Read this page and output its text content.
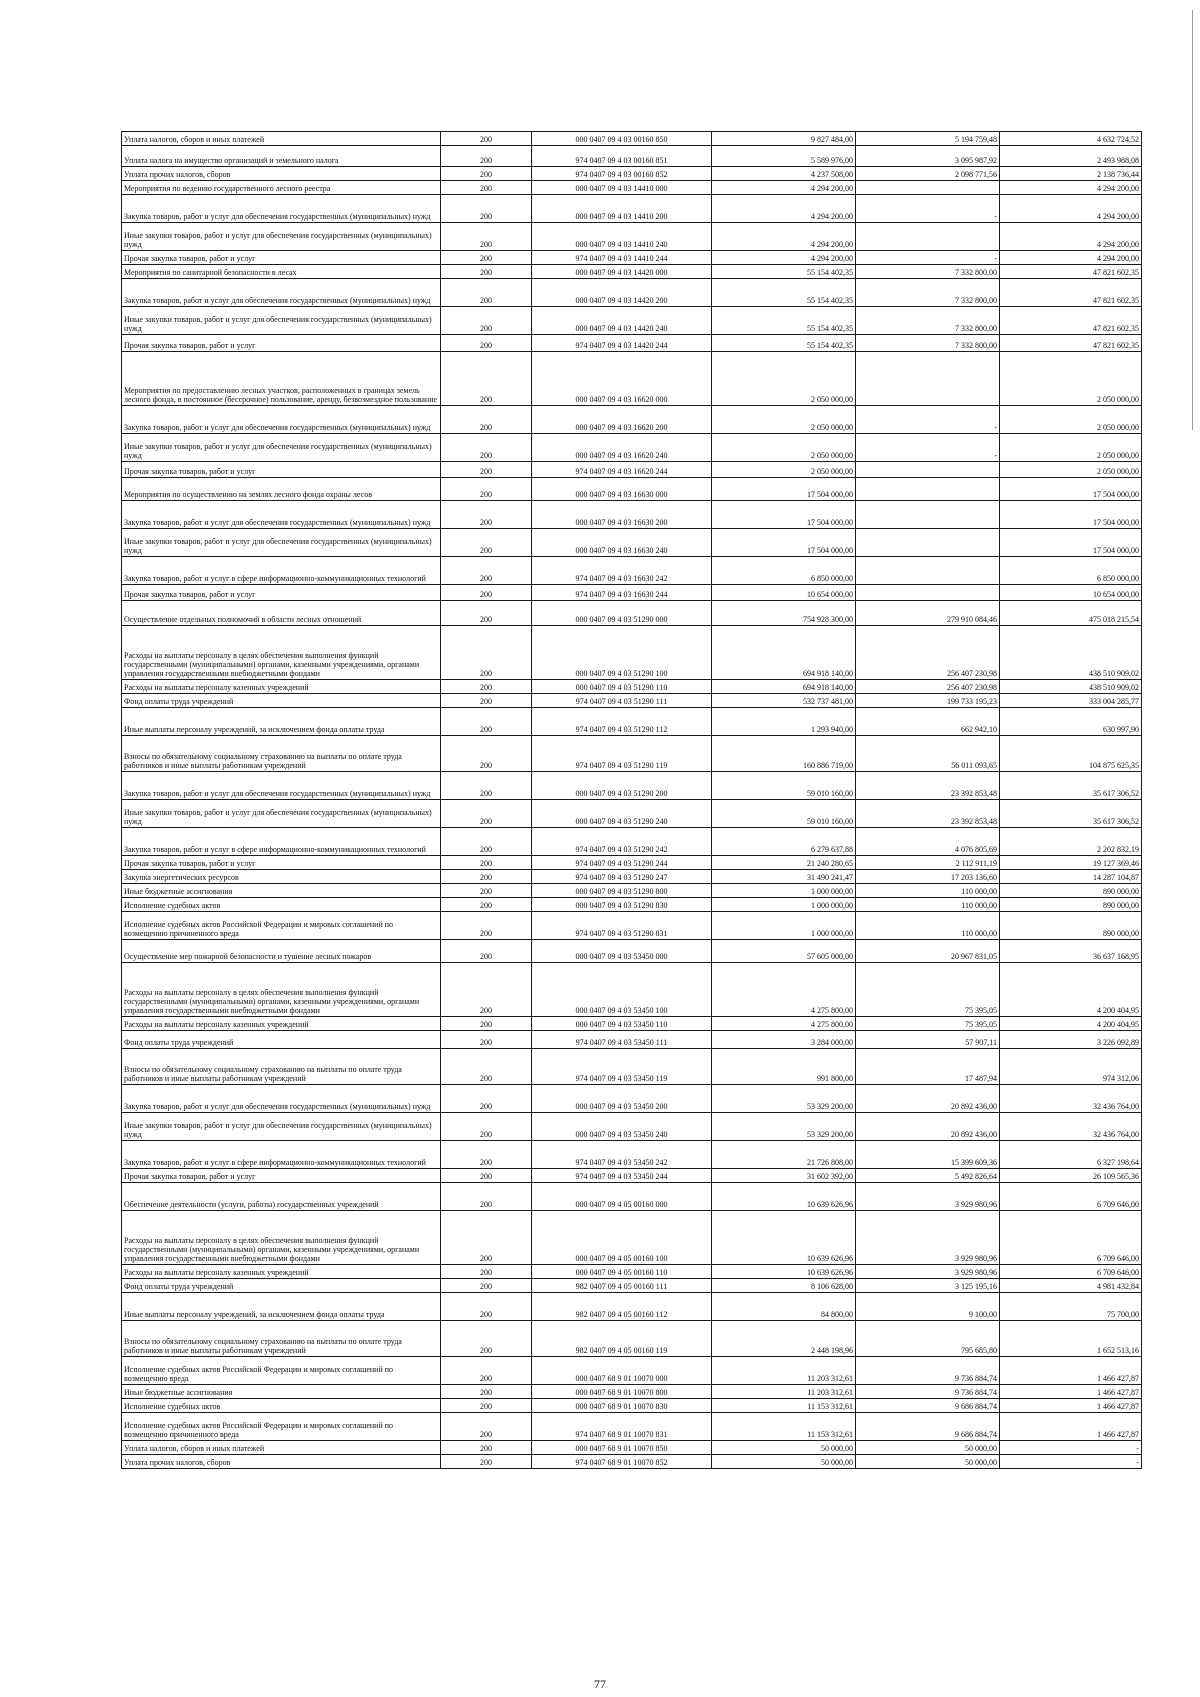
Уплата налогов, сборов и иных платежей	200	000 0407 09 4 03 00160 850	9 827 484,00	5 194 759,48	4 632 724,52
Уплата налога на имущество организаций и земельного налога	200	974 0407 09 4 03 00160 851	5 589 976,00	3 095 987,92	2 493 988,08
Уплата прочих налогов, сборов	200	974 0407 09 4 03 00160 852	4 237 508,00	2 098 771,56	2 138 736,44
Мероприятия по ведению государственного лесного реестра	200	000 0407 09 4 03 14410 000	4 294 200,00		4 294 200,00
Закупка товаров, работ и услуг для обеспечения государственных (муниципальных) нужд	200	000 0407 09 4 03 14410 200	4 294 200,00	-	4 294 200,00
Иные закупки товаров, работ и услуг для обеспечения государственных (муниципальных) нужд	200	000 0407 09 4 03 14410 240	4 294 200,00		4 294 200,00
Прочая закупка товаров, работ и услуг	200	974 0407 09 4 03 14410 244	4 294 200,00	-	4 294 200,00
Мероприятия по санитарной безопасности в лесах	200	000 0407 09 4 03 14420 000	55 154 402,35	7 332 800,00	47 821 602,35
Закупка товаров, работ и услуг для обеспечения государственных (муниципальных) нужд	200	000 0407 09 4 03 14420 200	55 154 402,35	7 332 800,00	47 821 602,35
Иные закупки товаров, работ и услуг для обеспечения государственных (муниципальных) нужд	200	000 0407 09 4 03 14420 240	55 154 402,35	7 332 800,00	47 821 602,35
Прочая закупка товаров, работ и услуг	200	974 0407 09 4 03 14420 244	55 154 402,35	7 332 800,00	47 821 602,35
Мероприятия по предоставлению лесных участков, расположенных в границах земель лесного фонда, в постоянное (бессрочное) пользование, аренду, безвозмездное пользование	200	000 0407 09 4 03 16620 000	2 050 000,00		2 050 000,00
Закупка товаров, работ и услуг для обеспечения государственных (муниципальных) нужд	200	000 0407 09 4 03 16620 200	2 050 000,00	-	2 050 000,00
Иные закупки товаров, работ и услуг для обеспечения государственных (муниципальных) нужд	200	000 0407 09 4 03 16620 240	2 050 000,00	-	2 050 000,00
Прочая закупка товаров, работ и услуг	200	974 0407 09 4 03 16620 244	2 050 000,00		2 050 000,00
Мероприятия по осуществлению на землях лесного фонда охраны лесов	200	000 0407 09 4 03 16630 000	17 504 000,00		17 504 000,00
Закупка товаров, работ и услуг для обеспечения государственных (муниципальных) нужд	200	000 0407 09 4 03 16630 200	17 504 000,00		17 504 000,00
Иные закупки товаров, работ и услуг для обеспечения государственных (муниципальных) нужд	200	000 0407 09 4 03 16630 240	17 504 000,00		17 504 000,00
Закупка товаров, работ и услуг в сфере информационно-коммуникационных технологий	200	974 0407 09 4 03 16630 242	6 850 000,00		6 850 000,00
Прочая закупка товаров, работ и услуг	200	974 0407 09 4 03 16630 244	10 654 000,00		10 654 000,00
Осуществление отдельных полномочий в области лесных отношений	200	000 0407 09 4 03 51290 000	754 928 300,00	279 910 084,46	475 018 215,54
Расходы на выплаты персоналу в целях обеспечения выполнения функций государственными (муниципальными) органами, казенными учреждениями, органами управления государственными внебюджетными фондами	200	000 0407 09 4 03 51290 100	694 918 140,00	256 407 230,98	438 510 909,02
Расходы на выплаты персоналу казенных учреждений	200	000 0407 09 4 03 51290 110	694 918 140,00	256 407 230,98	438 510 909,02
Фонд оплаты труда учреждений	200	974 0407 09 4 03 51290 111	532 737 481,00	199 733 195,23	333 004 285,77
Иные выплаты персоналу учреждений, за исключением фонда оплаты труда	200	974 0407 09 4 03 51290 112	1 293 940,00	662 942,10	630 997,90
Взносы по обязательному социальному страхованию на выплаты по оплате труда работников и иные выплаты работникам учреждений	200	974 0407 09 4 03 51290 119	160 886 719,00	56 011 093,65	104 875 625,35
Закупка товаров, работ и услуг для обеспечения государственных (муниципальных) нужд	200	000 0407 09 4 03 51290 200	59 010 160,00	23 392 853,48	35 617 306,52
Иные закупки товаров, работ и услуг для обеспечения государственных (муниципальных) нужд	200	000 0407 09 4 03 51290 240	59 010 160,00	23 392 853,48	35 617 306,52
Закупка товаров, работ и услуг в сфере информационно-коммуникационных технологий	200	974 0407 09 4 03 51290 242	6 279 637,88	4 076 805,69	2 202 832,19
Прочая закупка товаров, работ и услуг	200	974 0407 09 4 03 51290 244	21 240 280,65	2 112 911,19	19 127 369,46
Закупка энергетических ресурсов	200	974 0407 09 4 03 51290 247	31 490 241,47	17 203 136,60	14 287 104,87
Иные бюджетные ассигнования	200	000 0407 09 4 03 51290 800	1 000 000,00	110 000,00	890 000,00
Исполнение судебных актов	200	000 0407 09 4 03 51290 830	1 000 000,00	110 000,00	890 000,00
Исполнение судебных актов Российской Федерации и мировых соглашений по возмещению причиненного вреда	200	974 0407 09 4 03 51290 831	1 000 000,00	110 000,00	890 000,00
Осуществление мер пожарной безопасности и тушение лесных пожаров	200	000 0407 09 4 03 53450 000	57 605 000,00	20 967 831,05	36 637 168,95
Расходы на выплаты персоналу в целях обеспечения выполнения функций государственными (муниципальными) органами, казенными учреждениями, органами управления государственными внебюджетными фондами	200	000 0407 09 4 03 53450 100	4 275 800,00	75 395,05	4 200 404,95
Расходы на выплаты персоналу казенных учреждений	200	000 0407 09 4 03 53450 110	4 275 800,00	75 395,05	4 200 404,95
Фонд оплаты труда учреждений	200	974 0407 09 4 03 53450 111	3 284 000,00	57 907,11	3 226 092,89
Взносы по обязательному социальному страхованию на выплаты по оплате труда работников и иные выплаты работникам учреждений	200	974 0407 09 4 03 53450 119	991 800,00	17 487,94	974 312,06
Закупка товаров, работ и услуг для обеспечения государственных (муниципальных) нужд	200	000 0407 09 4 03 53450 200	53 329 200,00	20 892 436,00	32 436 764,00
Иные закупки товаров, работ и услуг для обеспечения государственных (муниципальных) нужд	200	000 0407 09 4 03 53450 240	53 329 200,00	20 892 436,00	32 436 764,00
Закупка товаров, работ и услуг в сфере информационно-коммуникационных технологий	200	974 0407 09 4 03 53450 242	21 726 808,00	15 399 609,36	6 327 198,64
Прочая закупка товаров, работ и услуг	200	974 0407 09 4 03 53450 244	31 602 392,00	5 492 826,64	26 109 565,36
Обеспечение деятельности (услуги, работы) государственных учреждений	200	000 0407 09 4 05 00160 000	10 639 626,96	3 929 980,96	6 709 646,00
Расходы на выплаты персоналу в целях обеспечения выполнения функций государственными (муниципальными) органами, казенными учреждениями, органами управления государственными внебюджетными фондами	200	000 0407 09 4 05 00160 100	10 639 626,96	3 929 980,96	6 709 646,00
Расходы на выплаты персоналу казенных учреждений	200	000 0407 09 4 05 00160 110	10 639 626,96	3 929 980,96	6 709 646,00
Фонд оплаты труда учреждений	200	982 0407 09 4 05 00160 111	8 106 628,00	3 125 195,16	4 981 432,84
Иные выплаты персоналу учреждений, за исключением фонда оплаты труда	200	982 0407 09 4 05 00160 112	84 800,00	9 100,00	75 700,00
Взносы по обязательному социальному страхованию на выплаты по оплате труда работников и иные выплаты работникам учреждений	200	982 0407 09 4 05 00160 119	2 448 198,96	795 685,80	1 652 513,16
Исполнение судебных актов Российской Федерации и мировых соглашений по возмещению вреда	200	000 0407 68 9 01 10070 000	11 203 312,61	9 736 884,74	1 466 427,87
Иные бюджетные ассигнования	200	000 0407 68 9 01 10070 800	11 203 312,61	9 736 884,74	1 466 427,87
Исполнение судебных актов	200	000 0407 68 9 01 10070 830	11 153 312,61	9 686 884,74	1 466 427,87
Исполнение судебных актов Российской Федерации и мировых соглашений по возмещению причиненного вреда	200	974 0407 68 9 01 10070 831	11 153 312,61	9 686 884,74	1 466 427,87
Уплата налогов, сборов и иных платежей	200	000 0407 68 9 01 10070 850	50 000,00	50 000,00	-
Уплата прочих налогов, сборов	200	974 0407 68 9 01 10070 852	50 000,00	50 000,00	-
77
